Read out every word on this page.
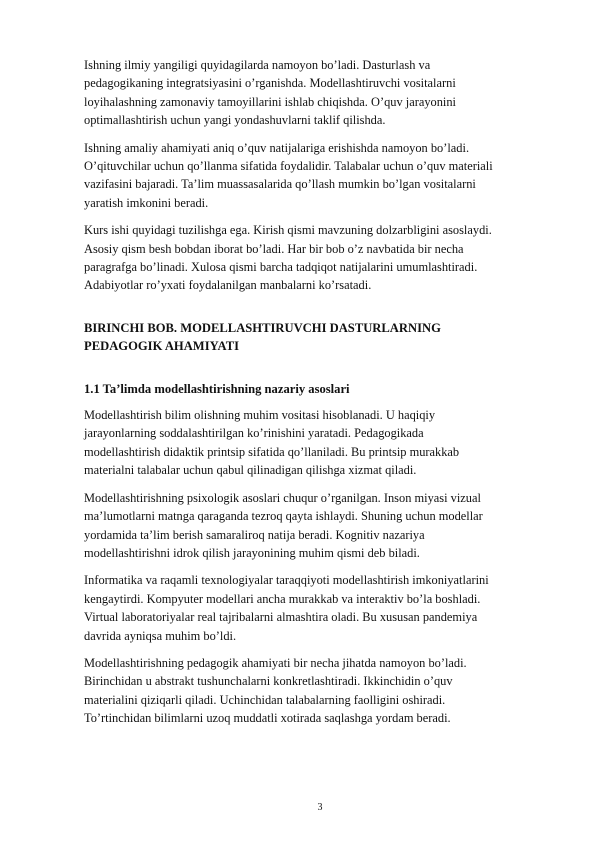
Ishning ilmiy yangiligi quyidagilarda namoyon bo’ladi. Dasturlash va
pedagogikaning integratsiyasini o’rganishda. Modellashtiruvchi vositalarni
loyihalashning zamonaviy tamoyillarini ishlab chiqishda. O’quv jarayonini
optimallashtirish uchun yangi yondashuvlarni taklif qilishda.

Ishning amaliy ahamiyati aniq o’quv natijalariga erishishda namoyon bo’ladi.
O’qituvchilar uchun qo’llanma sifatida foydalidir. Talabalar uchun o’quv materiali
vazifasini bajaradi. Ta’lim muassasalarida qo’llash mumkin bo’lgan vositalarni
yaratish imkonini beradi.

Kurs ishi quyidagi tuzilishga ega. Kirish qismi mavzuning dolzarbligini asoslaydi.
Asosiy qism besh bobdan iborat bo’ladi. Har bir bob o’z navbatida bir necha
paragrafga bo’linadi. Xulosa qismi barcha tadqiqot natijalarini umumlashtiradi.
Adabiyotlar ro’yxati foydalanilgan manbalarni ko’rsatadi.

BIRINCHI BOB. MODELLASHTIRUVCHI DASTURLARNING
PEDAGOGIK AHAMIYATI
1.1 Ta’limda modellashtirishning nazariy asoslari

Modellashtirish bilim olishning muhim vositasi hisoblanadi. U haqiqiy
jarayonlarning soddalashtirilgan ko’rinishini yaratadi. Pedagogikada
modellashtirish didaktik printsip sifatida qo’llaniladi. Bu printsip murakkab
materialni talabalar uchun qabul qilinadigan qilishga xizmat qiladi.

Modellashtirishning psixologik asoslari chuqur o’rganilgan. Inson miyasi vizual
ma’lumotlarni matnga qaraganda tezroq qayta ishlaydi. Shuning uchun modellar
yordamida ta’lim berish samaraliroq natija beradi. Kognitiv nazariya
modellashtirishni idrok qilish jarayonining muhim qismi deb biladi.

Informatika va raqamli texnologiyalar taraqqiyoti modellashtirish imkoniyatlarini
kengaytirdi. Kompyuter modellari ancha murakkab va interaktiv bo’la boshladi.
Virtual laboratoriyalar real tajribalarni almashtira oladi. Bu xususan pandemiya
davrida ayniqsa muhim bo’ldi.

Modellashtirishning pedagogik ahamiyati bir necha jihatda namoyon bo’ladi.
Birinchidan u abstrakt tushunchalarni konkretlashtiradi. Ikkinchidin o’quv
materialini qiziqarli qiladi. Uchinchidan talabalarning faolligini oshiradi.
To’rtinchidan bilimlarni uzoq muddatli xotirada saqlashga yordam beradi.

3
